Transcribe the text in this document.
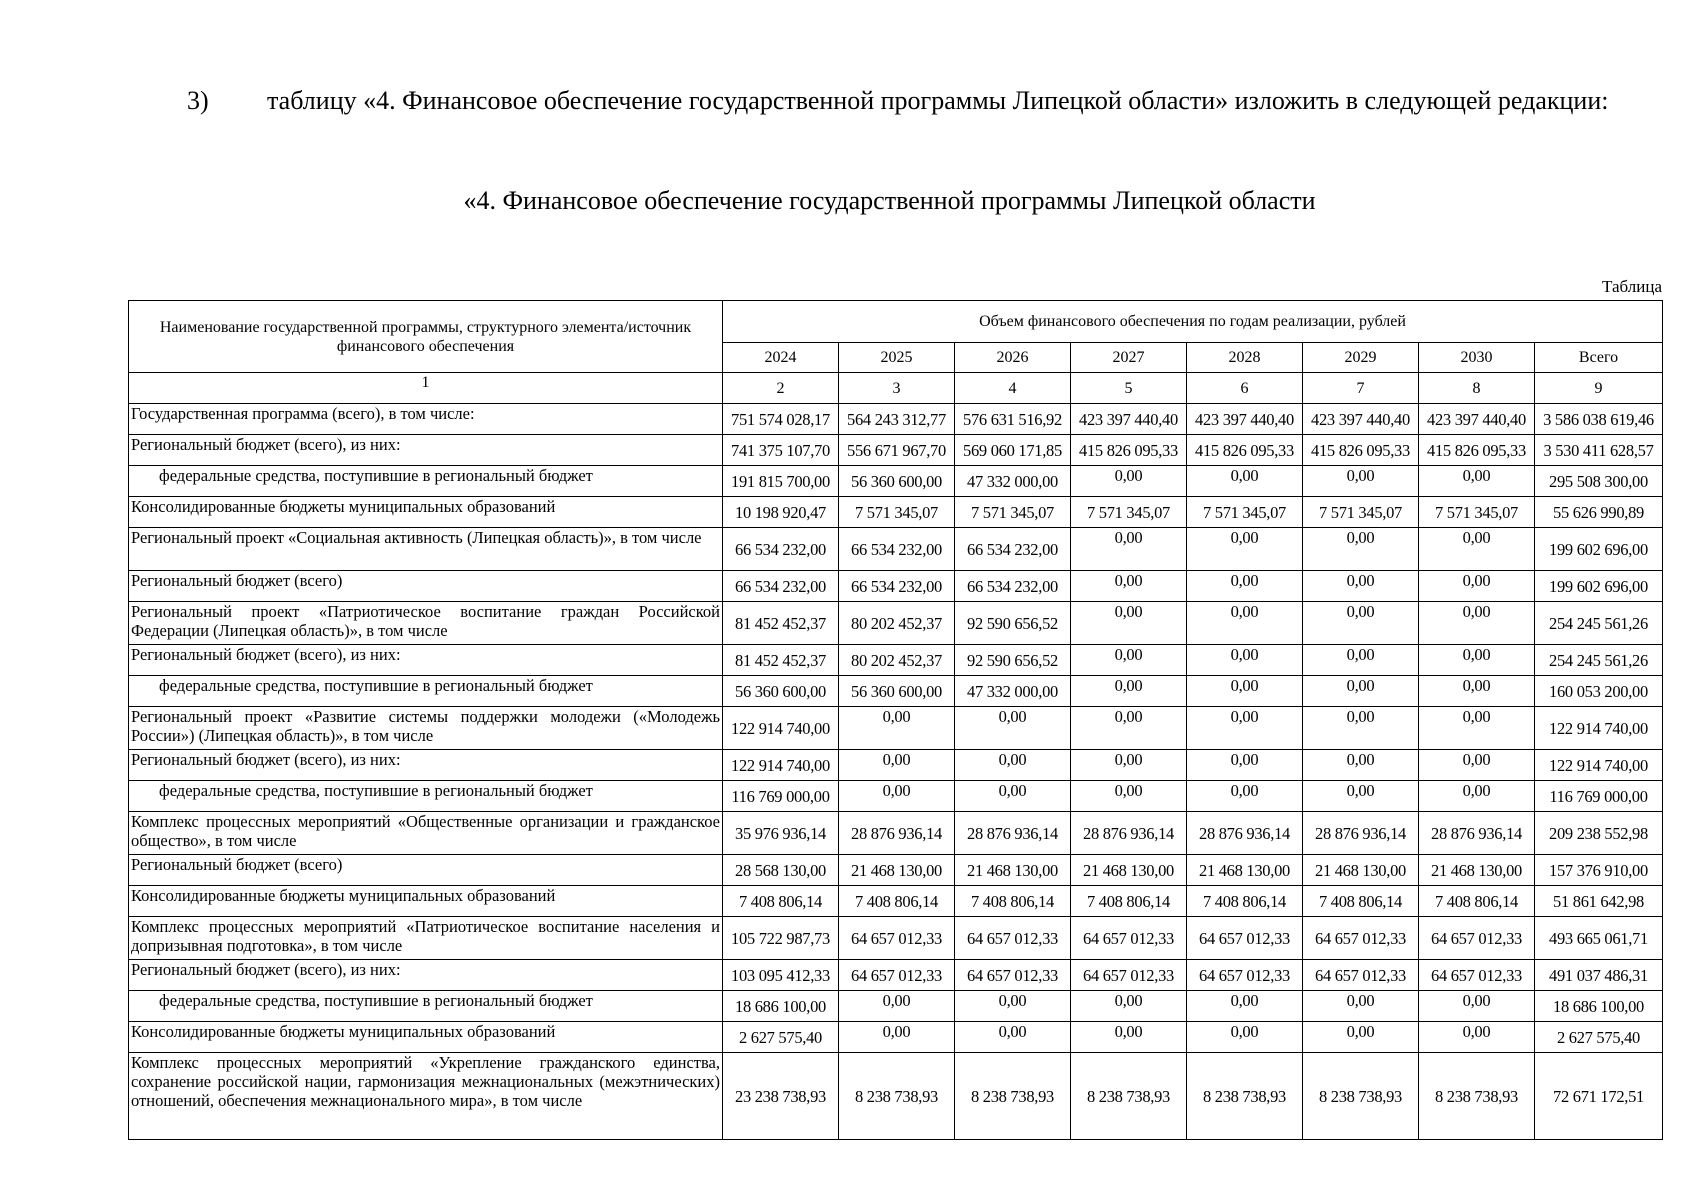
3) таблицу «4. Финансовое обеспечение государственной программы Липецкой области» изложить в следующей редакции:
«4. Финансовое обеспечение государственной программы Липецкой области
Таблица
Наименование государственной программы, структурного элемента/источник финансового обеспечения	Объем финансового обеспечения по годам реализации, рублей							
	2024	2025	2026	2027	2028	2029	2030	Всего
1	2	3	4	5	6	7	8	9
Государственная программа (всего), в том числе:	751 574 028,17	564 243 312,77	576 631 516,92	423 397 440,40	423 397 440,40	423 397 440,40	423 397 440,40	3 586 038 619,46
Региональный бюджет (всего), из них:	741 375 107,70	556 671 967,70	569 060 171,85	415 826 095,33	415 826 095,33	415 826 095,33	415 826 095,33	3 530 411 628,57
федеральные средства, поступившие в региональный бюджет	191 815 700,00	56 360 600,00	47 332 000,00	0,00	0,00	0,00	0,00	295 508 300,00
Консолидированные бюджеты муниципальных образований	10 198 920,47	7 571 345,07	7 571 345,07	7 571 345,07	7 571 345,07	7 571 345,07	7 571 345,07	55 626 990,89
Региональный проект «Социальная активность (Липецкая область)», в том числе	66 534 232,00	66 534 232,00	66 534 232,00	0,00	0,00	0,00	0,00	199 602 696,00
Региональный бюджет (всего)	66 534 232,00	66 534 232,00	66 534 232,00	0,00	0,00	0,00	0,00	199 602 696,00
Региональный проект «Патриотическое воспитание граждан Российской Федерации (Липецкая область)», в том числе	81 452 452,37	80 202 452,37	92 590 656,52	0,00	0,00	0,00	0,00	254 245 561,26
Региональный бюджет (всего), из них:	81 452 452,37	80 202 452,37	92 590 656,52	0,00	0,00	0,00	0,00	254 245 561,26
федеральные средства, поступившие в региональный бюджет	56 360 600,00	56 360 600,00	47 332 000,00	0,00	0,00	0,00	0,00	160 053 200,00
Региональный проект «Развитие системы поддержки молодежи («Молодежь России») (Липецкая область)», в том числе	122 914 740,00	0,00	0,00	0,00	0,00	0,00	0,00	122 914 740,00
Региональный бюджет (всего), из них:	122 914 740,00	0,00	0,00	0,00	0,00	0,00	0,00	122 914 740,00
федеральные средства, поступившие в региональный бюджет	116 769 000,00	0,00	0,00	0,00	0,00	0,00	0,00	116 769 000,00
Комплекс процессных мероприятий «Общественные организации и гражданское общество», в том числе	35 976 936,14	28 876 936,14	28 876 936,14	28 876 936,14	28 876 936,14	28 876 936,14	28 876 936,14	209 238 552,98
Региональный бюджет (всего)	28 568 130,00	21 468 130,00	21 468 130,00	21 468 130,00	21 468 130,00	21 468 130,00	21 468 130,00	157 376 910,00
Консолидированные бюджеты муниципальных образований	7 408 806,14	7 408 806,14	7 408 806,14	7 408 806,14	7 408 806,14	7 408 806,14	7 408 806,14	51 861 642,98
Комплекс процессных мероприятий «Патриотическое воспитание населения и допризывная подготовка», в том числе	105 722 987,73	64 657 012,33	64 657 012,33	64 657 012,33	64 657 012,33	64 657 012,33	64 657 012,33	493 665 061,71
Региональный бюджет (всего), из них:	103 095 412,33	64 657 012,33	64 657 012,33	64 657 012,33	64 657 012,33	64 657 012,33	64 657 012,33	491 037 486,31
федеральные средства, поступившие в региональный бюджет	18 686 100,00	0,00	0,00	0,00	0,00	0,00	0,00	18 686 100,00
Консолидированные бюджеты муниципальных образований	2 627 575,40	0,00	0,00	0,00	0,00	0,00	0,00	2 627 575,40
Комплекс процессных мероприятий «Укрепление гражданского единства, сохранение российской нации, гармонизация межнациональных (межэтнических) отношений, обеспечения межнационального мира», в том числе	23 238 738,93	8 238 738,93	8 238 738,93	8 238 738,93	8 238 738,93	8 238 738,93	8 238 738,93	72 671 172,51
